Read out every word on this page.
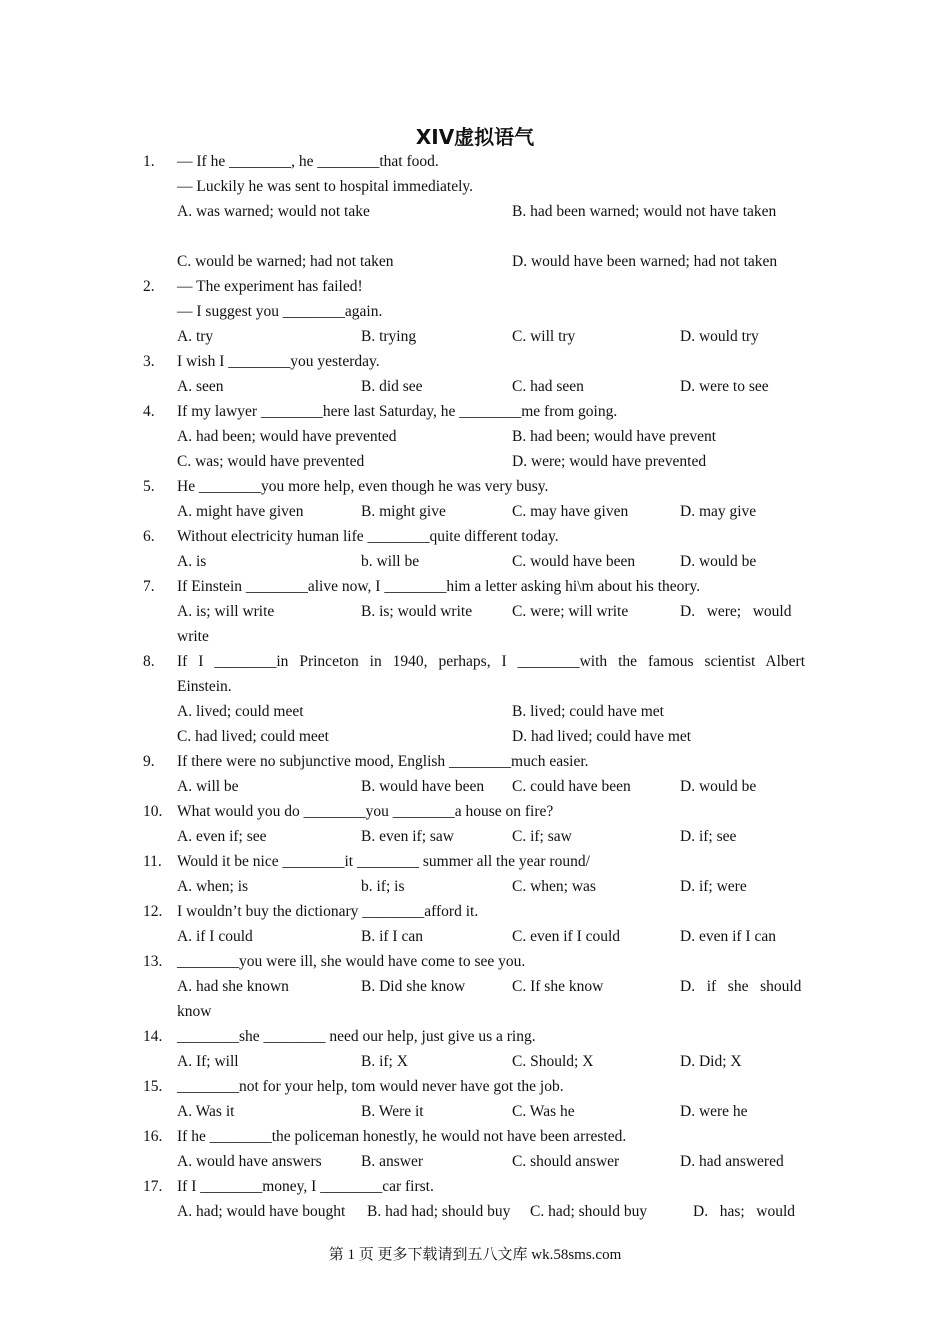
XIV虚拟语气
1. — If he ________, he ________that food.
— Luckily he was sent to hospital immediately.
A. was warned; would not take	B. had been warned; would not have taken
C. would be warned; had not taken	D. would have been warned; had not taken
2. — The experiment has failed!
— I suggest you ________again.
A. try	B. trying	C. will try	D. would try
3. I wish I ________you yesterday.
A. seen	B. did see	C. had seen	D. were to see
4. If my lawyer ________here last Saturday, he ________me from going.
A. had been; would have prevented	B. had been; would have prevent
C. was; would have prevented	D. were; would have prevented
5. He ________you more help, even though he was very busy.
A. might have given	B. might give	C. may have given	D. may give
6. Without electricity human life ________quite different today.
A. is	b. will be	C. would have been	D. would be
7. If Einstein ________alive now, I ________him a letter asking hi\m about his theory.
A. is; will write	B. is; would write	C. were; will write	D.   were;   would
write
8. If I ________in Princeton in 1940, perhaps, I ________with the famous scientist Albert
Einstein.
A. lived; could meet	B. lived; could have met
C. had lived; could meet	D. had lived; could have met
9. If there were no subjunctive mood, English ________much easier.
A. will be	B. would have been C. could have been	D. would be
10. What would you do ________you ________a house on fire?
A. even if; see	B. even if; saw	C. if; saw	D. if; see
11. Would it be nice ________it ________ summer all the year round/
A. when; is	b. if; is	C. when; was	D. if; were
12. I wouldn’t buy the dictionary ________afford it.
A. if I could	B. if I can	C. even if I could	D. even if I can
13. ________you were ill, she would have come to see you.
A. had she known	B. Did she know	C. If she know	D.   if   she   should
know
14. ________she ________ need our help, just give us a ring.
A. If; will	B. if; X	C. Should; X	D. Did; X
15. ________not for your help, tom would never have got the job.
A. Was it	B. Were it	C. Was he	D. were he
16. If he ________the policeman honestly, he would not have been arrested.
A. would have answers	B. answer	C. should answer	D. had answered
17. If I ________money, I ________car first.
A. had; would have bought B. had had; should buy C. had; should buy	D.   has;   would
第 1 页 更多下载请到五八文库 wk.58sms.com
